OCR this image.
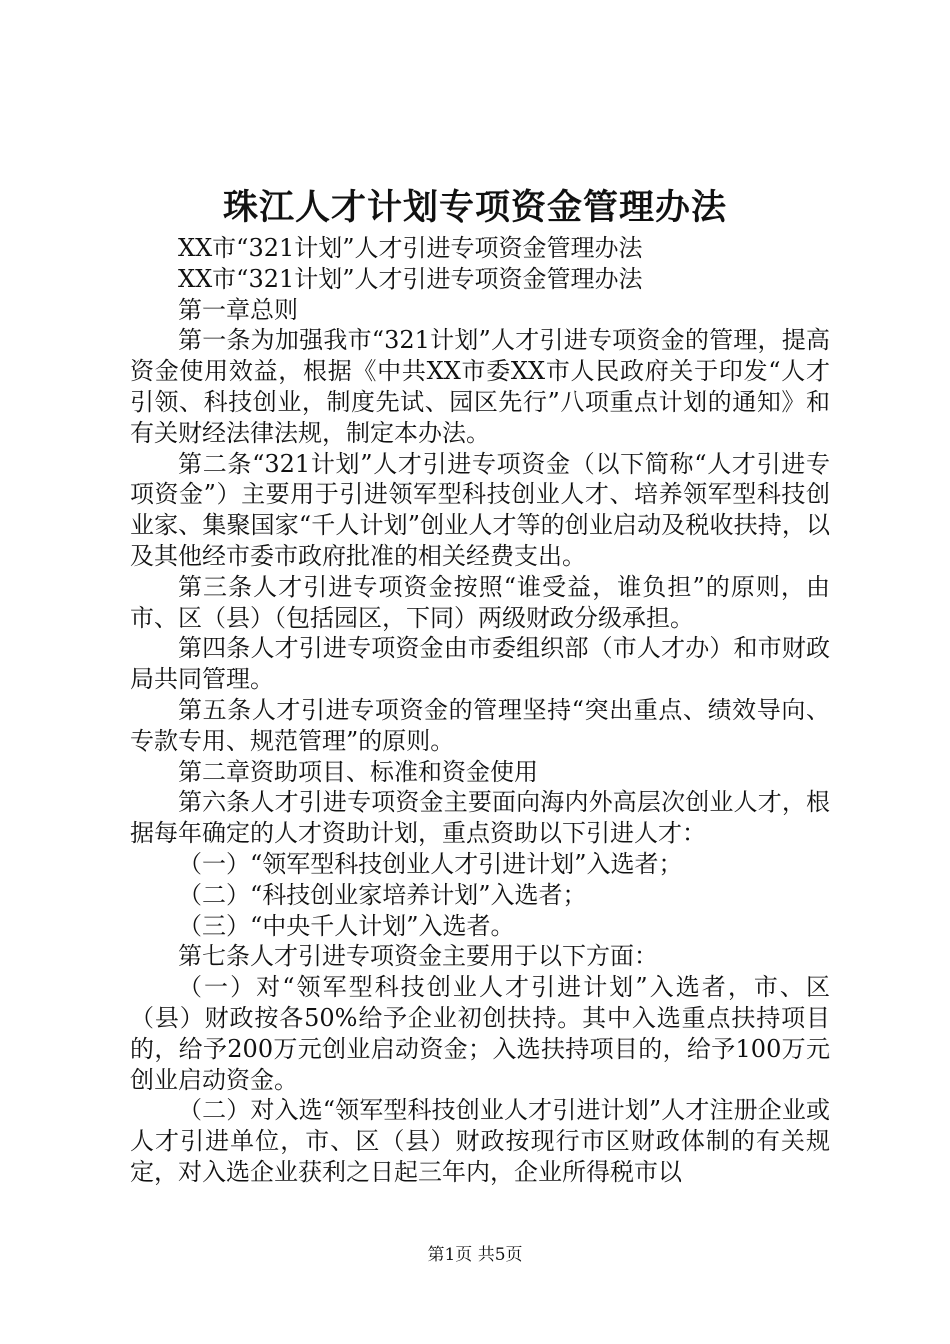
珠江人才计划专项资金管理办法

XX市“321计划”人才引进专项资金管理办法

XX市“321计划”人才引进专项资金管理办法

第一章总则

第一条为加强我市“321计划”人才引进专项资金的管理，提高资金使用效益，根据《中共XX市委XX市人民政府关于印发“人才引领、科技创业，制度先试、园区先行”八项重点计划的通知》和有关财经法律法规，制定本办法。

第二条“321计划”人才引进专项资金（以下简称“人才引进专项资金”）主要用于引进领军型科技创业人才、培养领军型科技创业家、集聚国家“千人计划”创业人才等的创业启动及税收扶持，以及其他经市委市政府批准的相关经费支出。

第三条人才引进专项资金按照“谁受益，谁负担”的原则，由市、区（县）（包括园区，下同）两级财政分级承担。

第四条人才引进专项资金由市委组织部（市人才办）和市财政局共同管理。

第五条人才引进专项资金的管理坚持“突出重点、绩效导向、专款专用、规范管理”的原则。

第二章资助项目、标准和资金使用

第六条人才引进专项资金主要面向海内外高层次创业人才，根据每年确定的人才资助计划，重点资助以下引进人才：

（一）“领军型科技创业人才引进计划”入选者；

（二）“科技创业家培养计划”入选者；

（三）“中央千人计划”入选者。

第七条人才引进专项资金主要用于以下方面：

（一）对“领军型科技创业人才引进计划”入选者，市、区（县）财政按各50%给予企业初创扶持。其中入选重点扶持项目的，给予200万元创业启动资金；入选扶持项目的，给予100万元创业启动资金。

（二）对入选“领军型科技创业人才引进计划”人才注册企业或人才引进单位，市、区（县）财政按现行市区财政体制的有关规定，对入选企业获利之日起三年内，企业所得税市以

第1页 共5页
